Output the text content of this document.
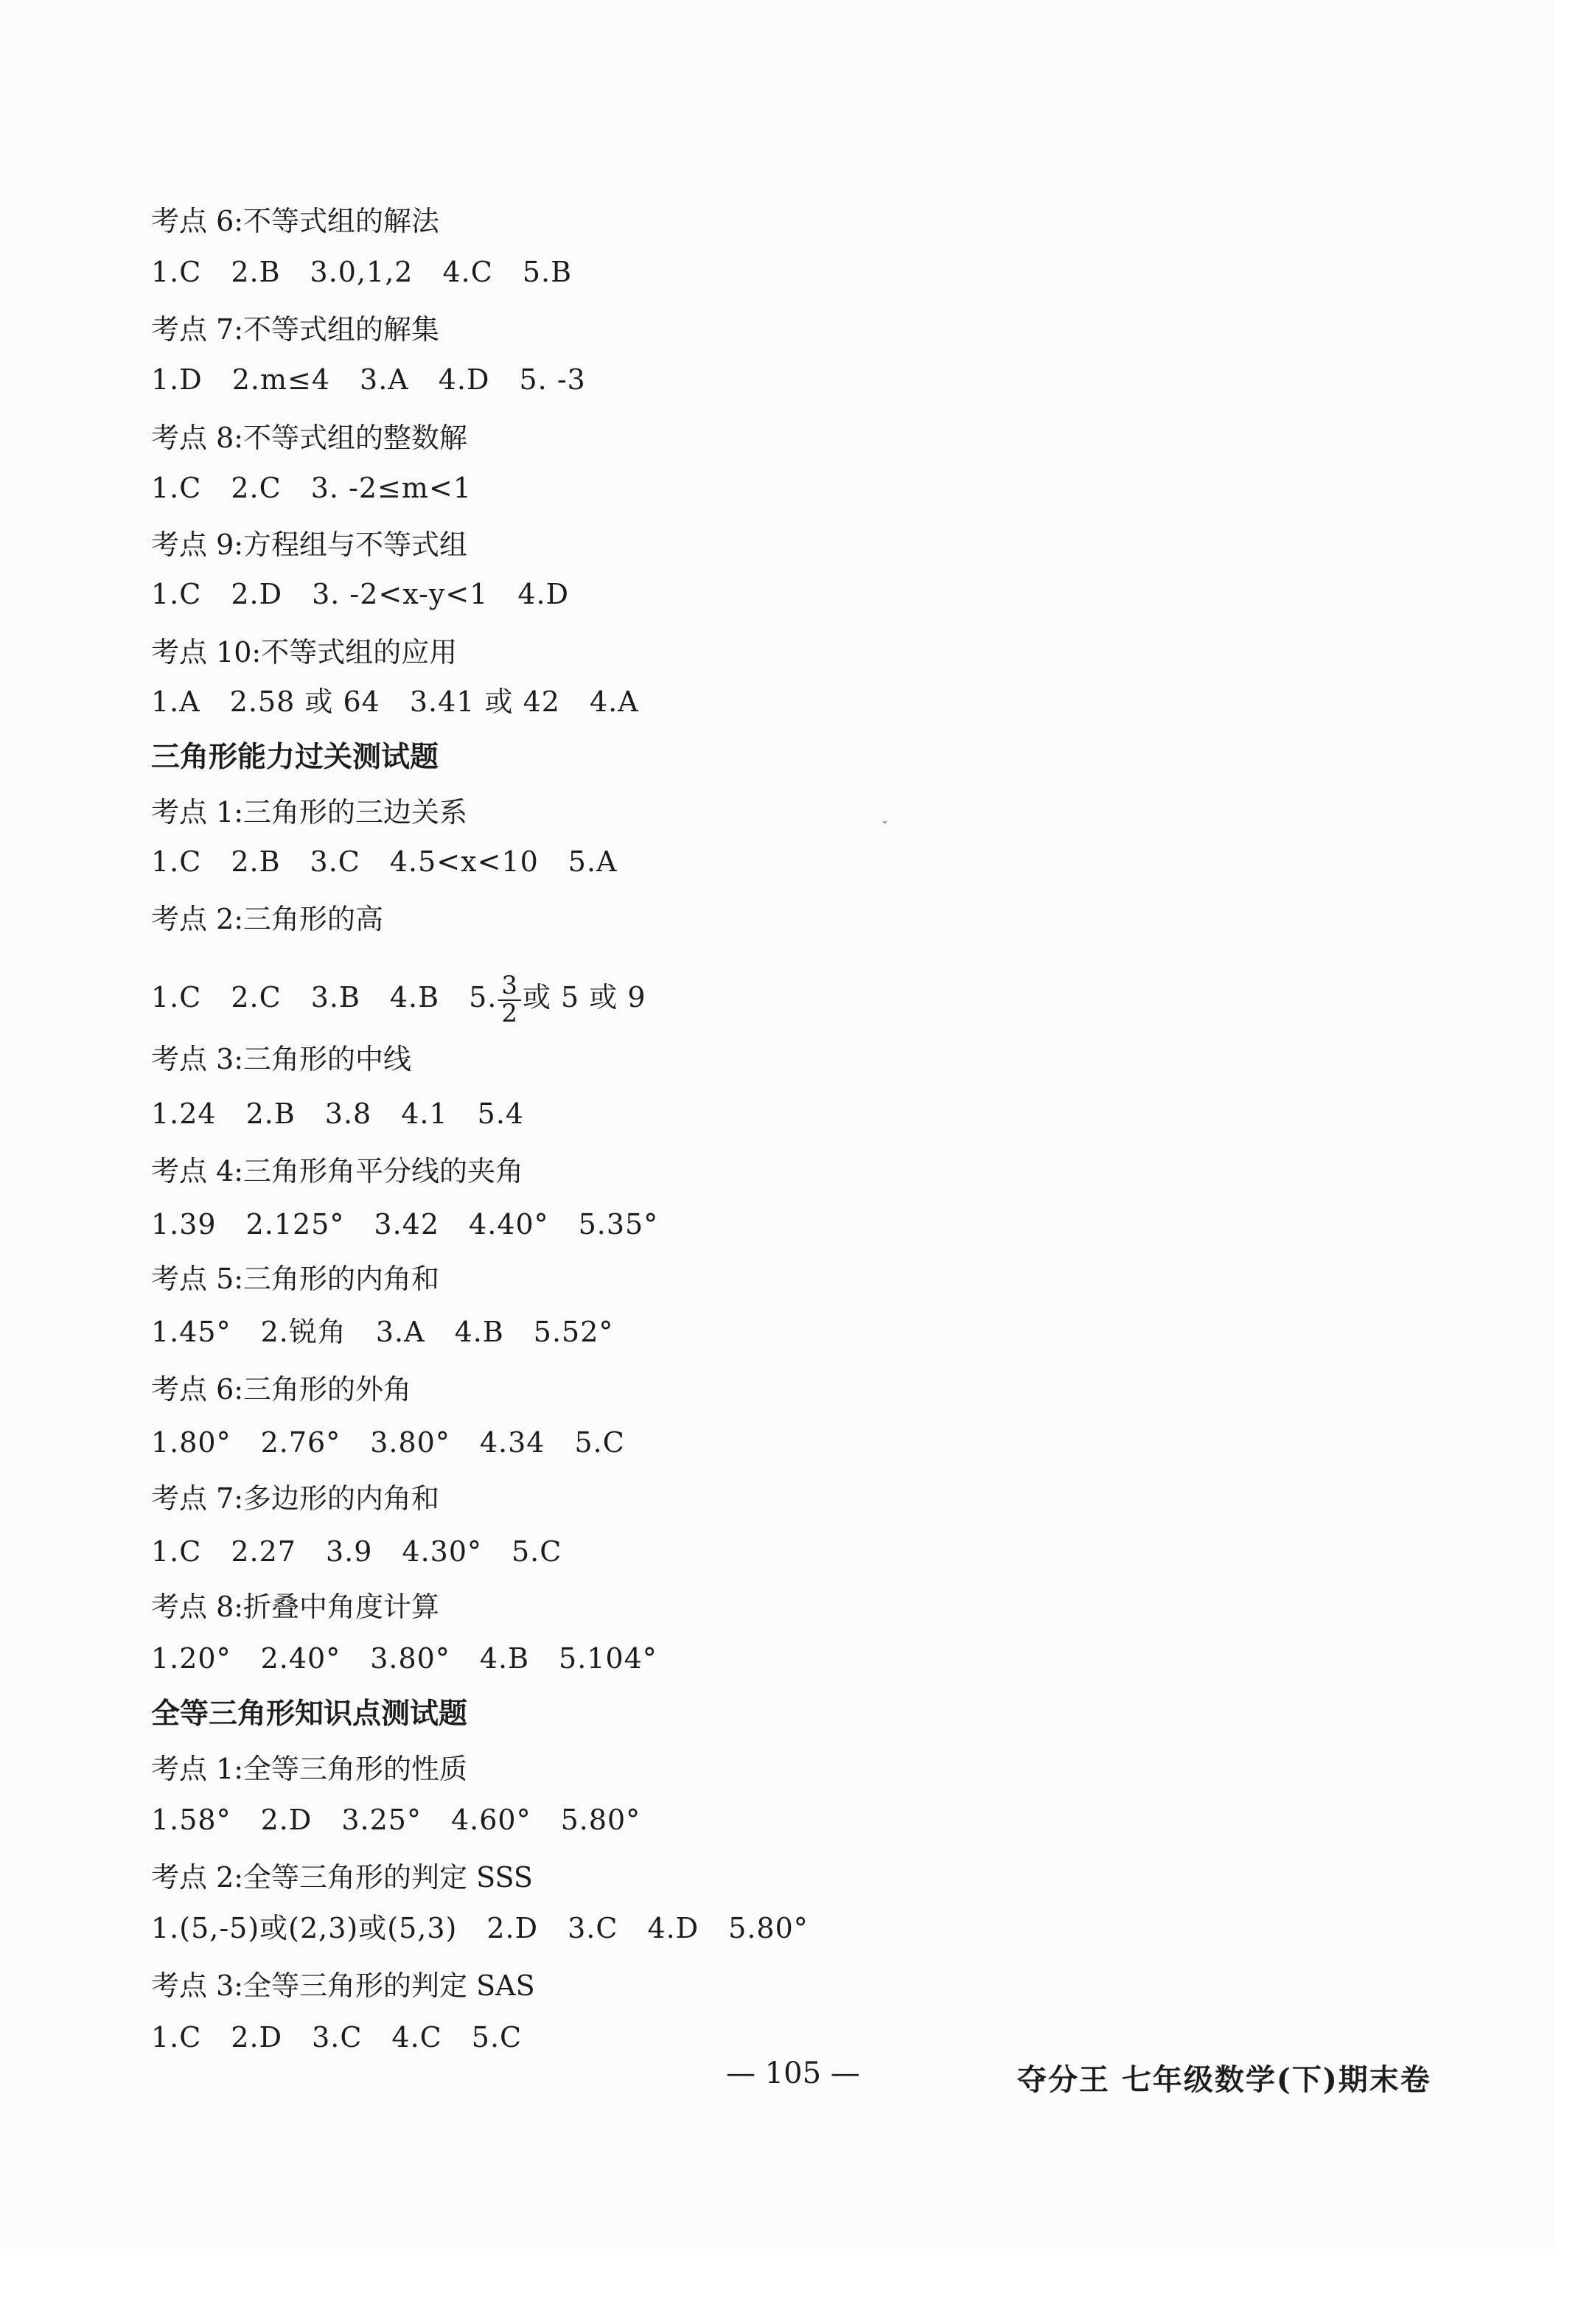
考点 6:不等式组的解法
1.C 2.B 3.0,1,2 4.C 5.B
考点 7:不等式组的解集
1.D 2.m≤4 3.A 4.D 5. -3
考点 8:不等式组的整数解
1.C 2.C 3. -2≤m<1
考点 9:方程组与不等式组
1.C 2.D 3. -2<x-y<1 4.D
考点 10:不等式组的应用
1.A 2.58 或 64 3.41 或 42 4.A
三角形能力过关测试题
考点 1:三角形的三边关系
1.C 2.B 3.C 4.5<x<10 5.A
考点 2:三角形的高
1.C 2.C 3.B 4.B 5. $\frac{3}{2}$ 或 5 或 9
考点 3:三角形的中线
1.24 2.B 3.8 4.1 5.4
考点 4:三角形角平分线的夹角
1.39 2.125° 3.42 4.40° 5.35°
考点 5:三角形的内角和
1.45° 2.锐角 3.A 4.B 5.52°
考点 6:三角形的外角
1.80° 2.76° 3.80° 4.34 5.C
考点 7:多边形的内角和
1.C 2.27 3.9 4.30° 5.C
考点 8:折叠中角度计算
1.20° 2.40° 3.80° 4.B 5.104°
全等三角形知识点测试题
考点 1:全等三角形的性质
1.58° 2.D 3.25° 4.60° 5.80°
考点 2:全等三角形的判定 SSS
1.(5,-5)或(2,3)或(5,3) 2.D 3.C 4.D 5.80°
考点 3:全等三角形的判定 SAS
1.C 2.D 3.C 4.C 5.C
ˇ
— 105 —	夺分王 七年级数学(下)期末卷
